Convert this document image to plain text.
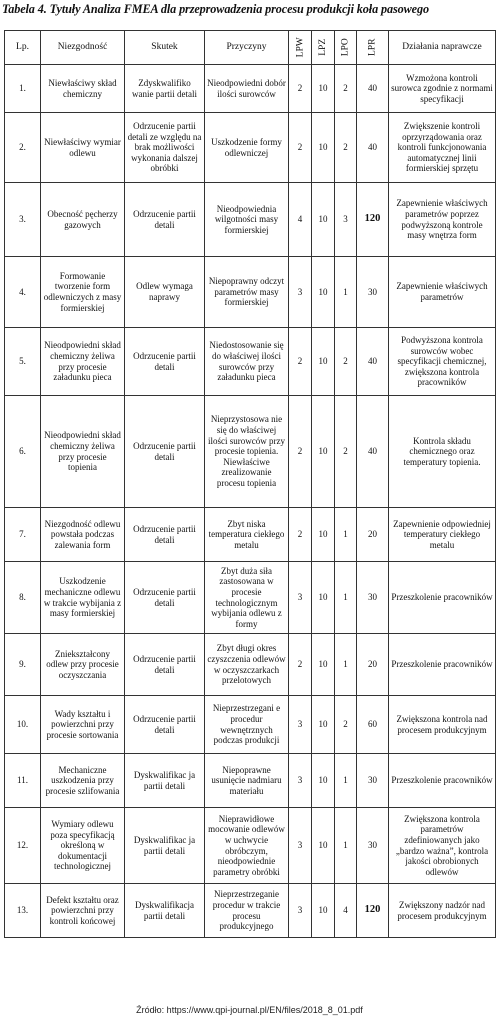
Tabela 4. Tytuły Analiza FMEA dla przeprowadzenia procesu produkcji koła pasowego
Lp.	Niezgodność	Skutek	Przyczyny	LPW	LPZ	LPO	LPR	Działania naprawcze
1.	Niewłaściwy skład chemiczny	Zdyskwalifiko wanie partii detali	Nieodpowiedni dobór ilości surowców	2	10	2	40	Wzmożona kontroli surowca zgodnie z normami specyfikacji
2.	Niewłaściwy wymiar odlewu	Odrzucenie partii detali ze względu na brak możliwości wykonania dalszej obróbki	Uszkodzenie formy odlewniczej	2	10	2	40	Zwiększenie kontroli oprzyrządowania oraz kontroli funkcjonowania automatycznej linii formierskiej sprzętu
3.	Obecność pęcherzy gazowych	Odrzucenie partii detali	Nieodpowiednia wilgotności masy formierskiej	4	10	3	120	Zapewnienie właściwych parametrów poprzez podwyższoną kontrole masy wnętrza form
4.	Formowanie tworzenie form odlewniczych z masy formierskiej	Odlew wymaga naprawy	Niepoprawny odczyt parametrów masy formierskiej	3	10	1	30	Zapewnienie właściwych parametrów
5.	Nieodpowiedni skład chemiczny żeliwa przy procesie załadunku pieca	Odrzucenie partii detali	Niedostosowanie się do właściwej ilości surowców przy załadunku pieca	2	10	2	40	Podwyższona kontrola surowców wobec specyfikacji chemicznej, zwiększona kontrola pracowników
6.	Nieodpowiedni skład chemiczny żeliwa przy procesie topienia	Odrzucenie partii detali	Nieprzystosowa nie się do właściwej ilości surowców przy procesie topienia. Niewłaściwe zrealizowanie procesu topienia	2	10	2	40	Kontrola składu chemicznego oraz temperatury topienia.
7.	Niezgodność odlewu powstała podczas zalewania form	Odrzucenie partii detali	Zbyt niska temperatura ciekłego metalu	2	10	1	20	Zapewnienie odpowiedniej temperatury ciekłego metalu
8.	Uszkodzenie mechaniczne odlewu w trakcie wybijania z masy formierskiej	Odrzucenie partii detali	Zbyt duża siła zastosowana w procesie technologicznym wybijania odlewu z formy	3	10	1	30	Przeszkolenie pracowników
9.	Zniekształcony odlew przy procesie oczyszczania	Odrzucenie partii detali	Zbyt długi okres czyszczenia odlewów w oczyszczarkach przelotowych	2	10	1	20	Przeszkolenie pracowników
10.	Wady kształtu i powierzchni przy procesie sortowania	Odrzucenie partii detali	Nieprzestrzegani e procedur wewnętrznych podczas produkcji	3	10	2	60	Zwiększona kontrola nad procesem produkcyjnym
11.	Mechaniczne uszkodzenia przy procesie szlifowania	Dyskwalifikac ja partii detali	Niepoprawne usunięcie nadmiaru materiału	3	10	1	30	Przeszkolenie pracowników
12.	Wymiary odlewu poza specyfikacją określoną w dokumentacji technologicznej	Dyskwalifikac ja partii detali	Nieprawidłowe mocowanie odlewów w uchwycie obróbczym, nieodpowiednie parametry obróbki	3	10	1	30	Zwiększona kontrola parametrów zdefiniowanych jako „bardzo ważna”, kontrola jakości obrobionych odlewów
13.	Defekt kształtu oraz powierzchni przy kontroli końcowej	Dyskwalifikacja partii detali	Nieprzestrzeganie procedur w trakcie procesu produkcyjnego	3	10	4	120	Zwiększony nadzór nad procesem produkcyjnym
Źródło: https://www.qpi-journal.pl/EN/files/2018_8_01.pdf
